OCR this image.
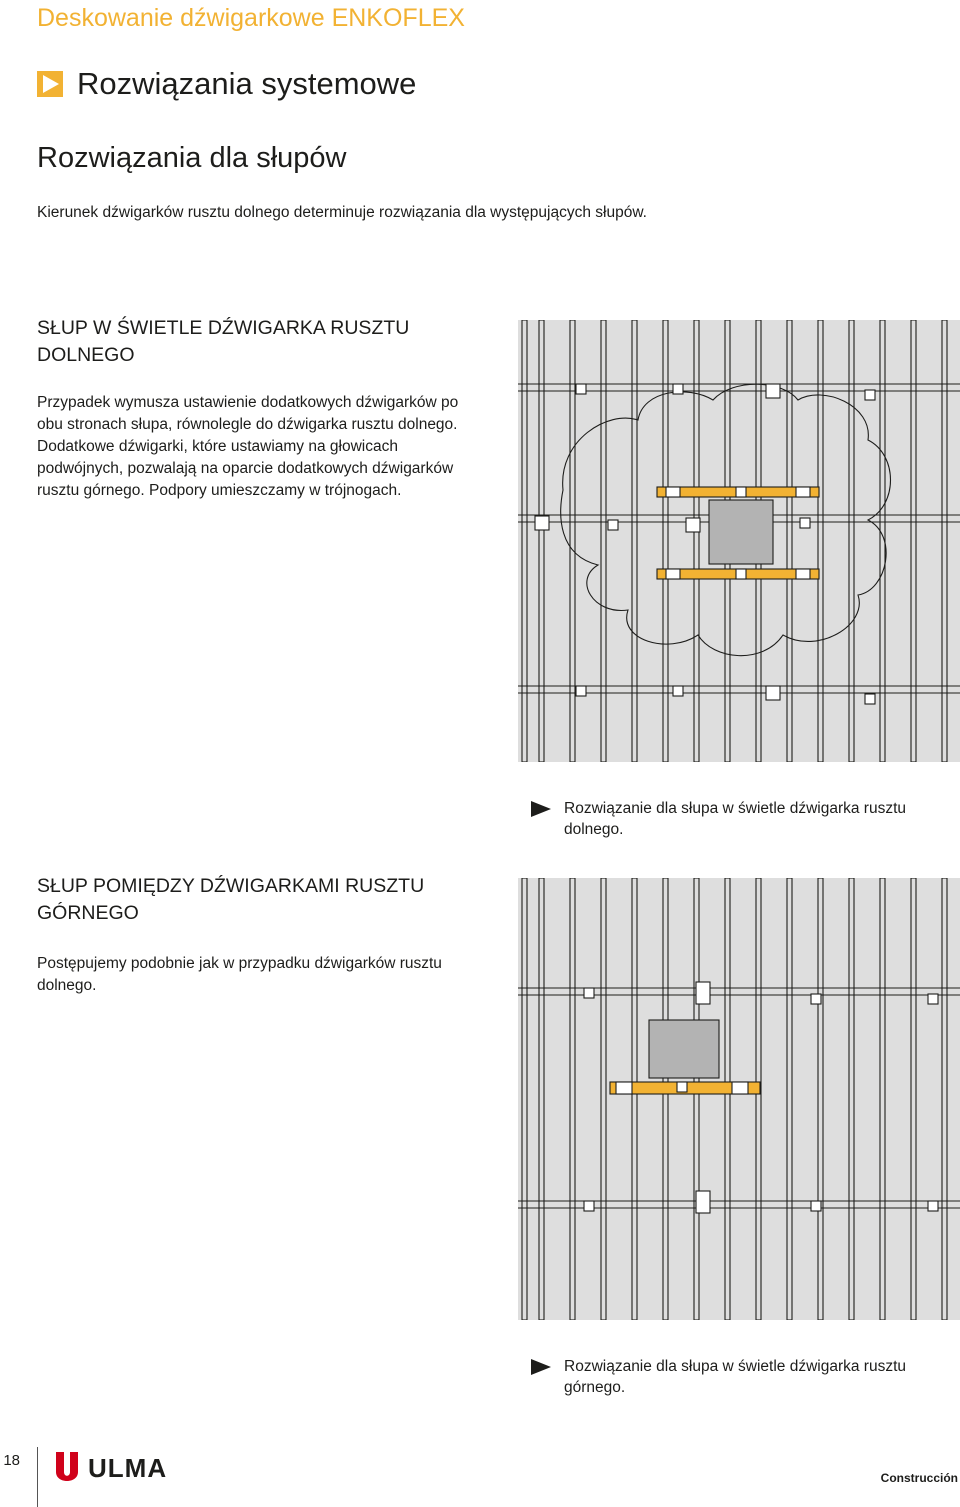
Deskowanie dźwigarkowe ENKOFLEX
Rozwiązania systemowe
Rozwiązania dla słupów
Kierunek dźwigarków rusztu dolnego determinuje rozwiązania dla występujących słupów.
SŁUP W ŚWIETLE DŹWIGARKA RUSZTU DOLNEGO
Przypadek wymusza ustawienie dodatkowych dźwigarków po obu stronach słupa, równolegle do dźwigarka rusztu dolnego. Dodatkowe dźwigarki, które ustawiamy na głowicach podwójnych, pozwalają na oparcie dodatkowych dźwigarków rusztu górnego. Podpory umieszczamy w trójnogach.
Rozwiązanie dla słupa w świetle dźwigarka rusztu dolnego.
SŁUP POMIĘDZY DŹWIGARKAMI RUSZTU GÓRNEGO
Postępujemy podobnie jak w przypadku dźwigarków rusztu dolnego.
Rozwiązanie dla słupa w świetle dźwigarka rusztu górnego.
18	ULMA	Construcción
